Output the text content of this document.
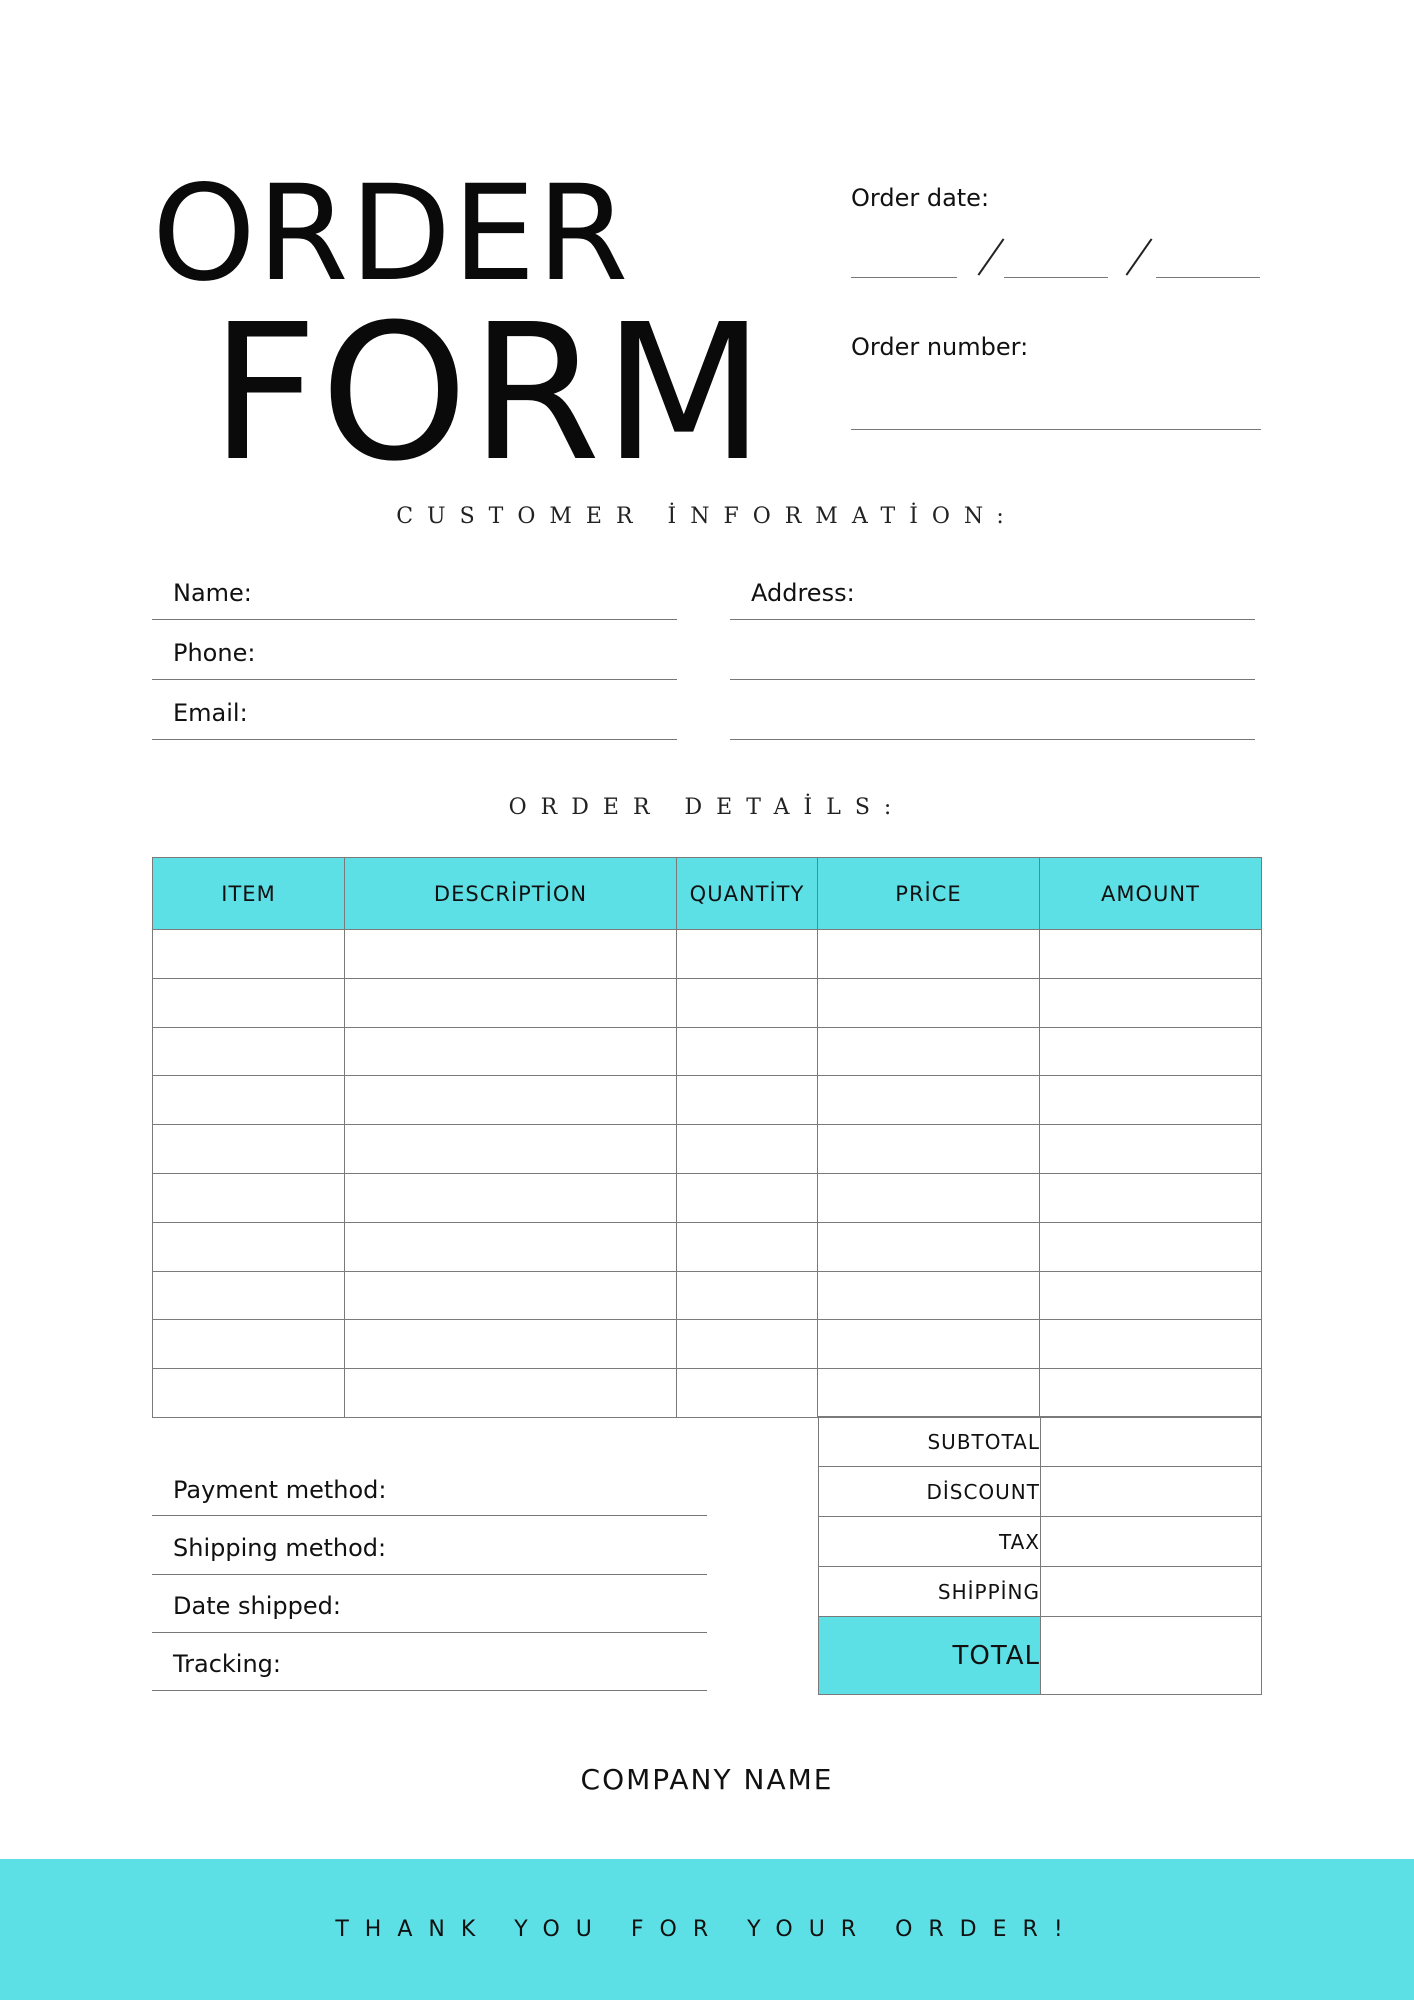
ORDER
FORM
Order date:
Order number:
CUSTOMER İNFORMATİON:
Name:
Phone:
Email:
Address:
ORDER DETAİLS:
ITEM	DESCRİPTİON	QUANTİTY	PRİCE	AMOUNT

Payment method:
Shipping method:
Date shipped:
Tracking:
SUBTOTAL	
DİSCOUNT	
TAX	
SHİPPİNG	
TOTAL	
COMPANY NAME
THANK YOU FOR YOUR ORDER!
